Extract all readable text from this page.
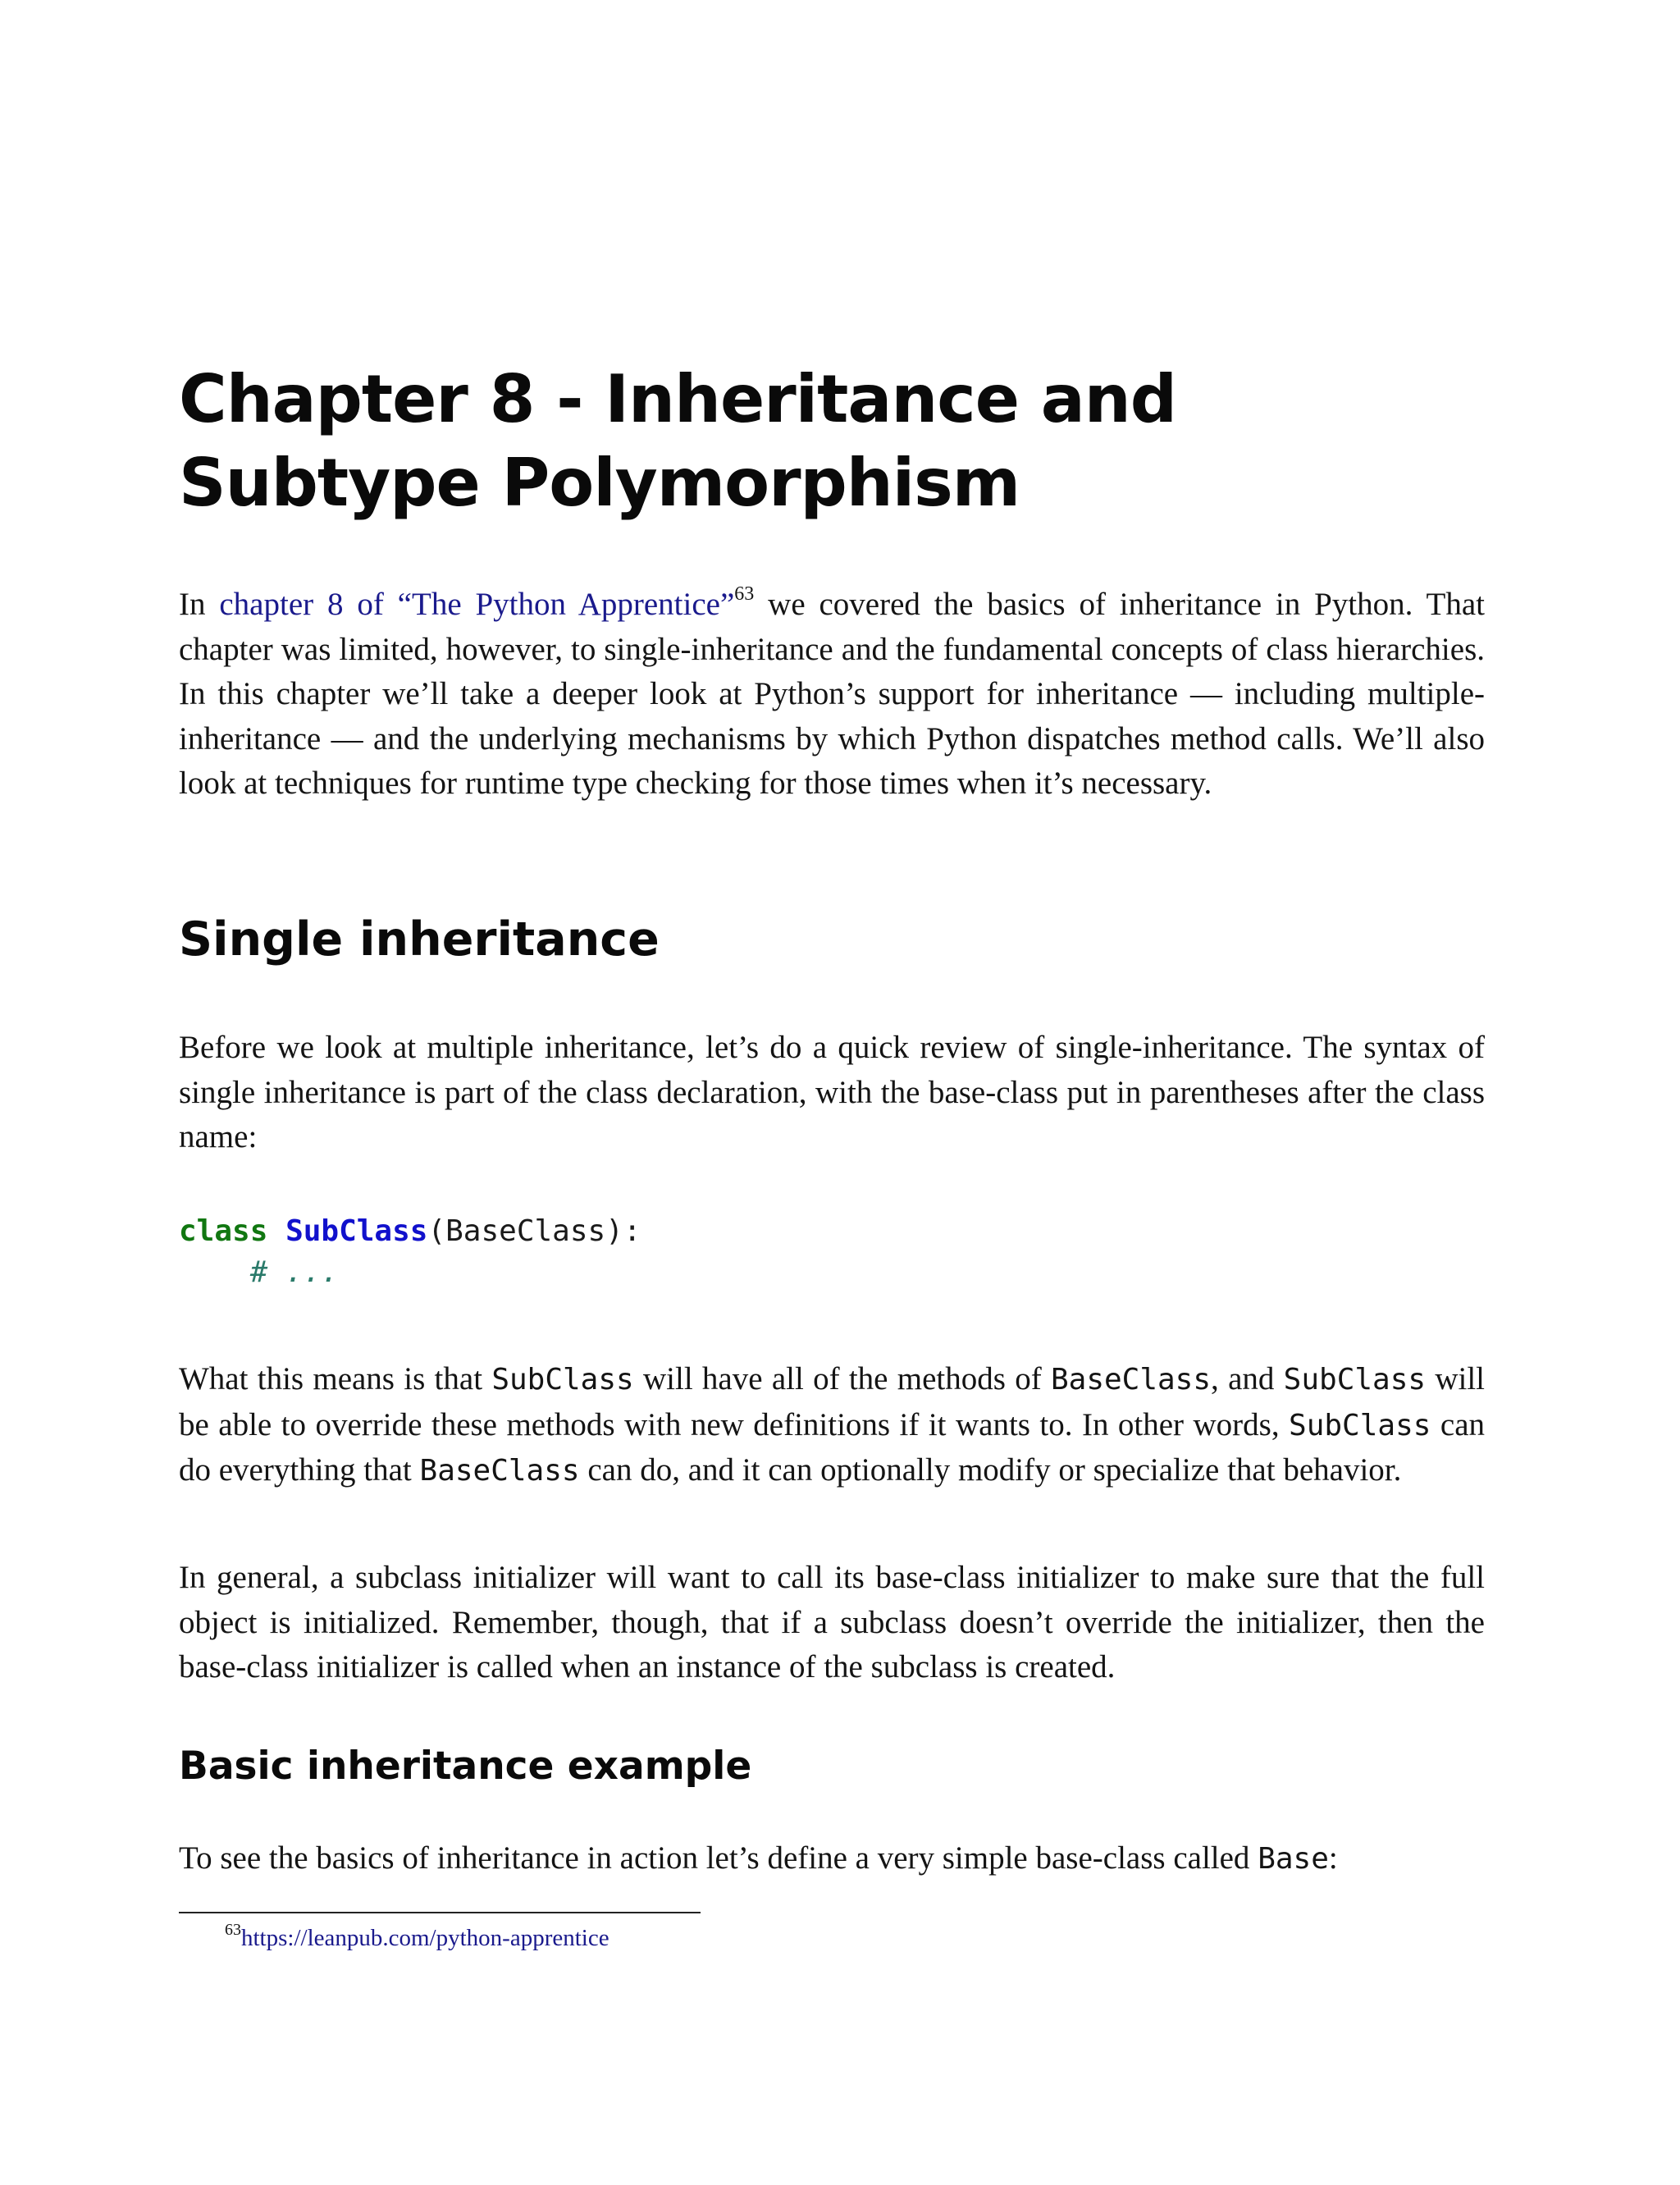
Chapter 8 - Inheritance and Subtype Polymorphism

In chapter 8 of “The Python Apprentice”$^{63}$ we covered the basics of inheritance in Python. That chapter was limited, however, to single-inheritance and the fundamental concepts of class hierarchies. In this chapter we’ll take a deeper look at Python’s support for inheritance — including multiple-inheritance — and the underlying mechanisms by which Python dispatches method calls. We’ll also look at techniques for runtime type checking for those times when it’s necessary.

Single inheritance

Before we look at multiple inheritance, let’s do a quick review of single-inheritance. The syntax of single inheritance is part of the class declaration, with the base-class put in parentheses after the class name:

class SubClass(BaseClass):
# ...

What this means is that SubClass will have all of the methods of BaseClass, and SubClass will be able to override these methods with new definitions if it wants to. In other words, SubClass can do everything that BaseClass can do, and it can optionally modify or specialize that behavior.

In general, a subclass initializer will want to call its base-class initializer to make sure that the full object is initialized. Remember, though, that if a subclass doesn’t override the initializer, then the base-class initializer is called when an instance of the subclass is created.

Basic inheritance example

To see the basics of inheritance in action let’s define a very simple base-class called Base:

$^{63}$https://leanpub.com/python-apprentice
